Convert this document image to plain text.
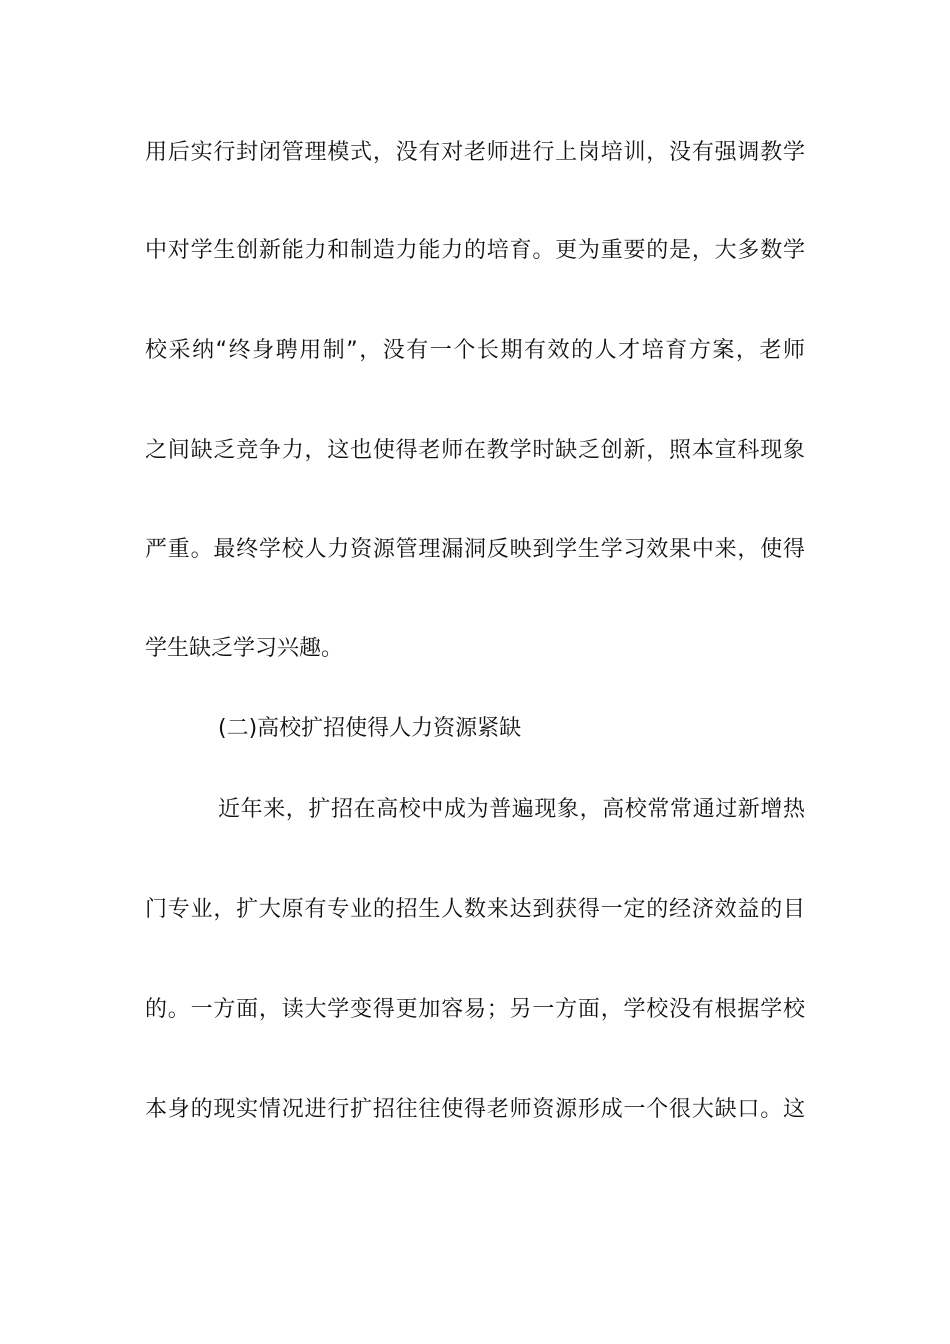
用后实行封闭管理模式，没有对老师进行上岗培训，没有强调教学
中对学生创新能力和制造力能力的培育。更为重要的是，大多数学
校采纳“终身聘用制”，没有一个长期有效的人才培育方案，老师
之间缺乏竞争力，这也使得老师在教学时缺乏创新，照本宣科现象
严重。最终学校人力资源管理漏洞反映到学生学习效果中来，使得
学生缺乏学习兴趣。
(二)高校扩招使得人力资源紧缺
近年来，扩招在高校中成为普遍现象，高校常常通过新增热
门专业，扩大原有专业的招生人数来达到获得一定的经济效益的目
的。一方面，读大学变得更加容易；另一方面，学校没有根据学校
本身的现实情况进行扩招往往使得老师资源形成一个很大缺口。这
